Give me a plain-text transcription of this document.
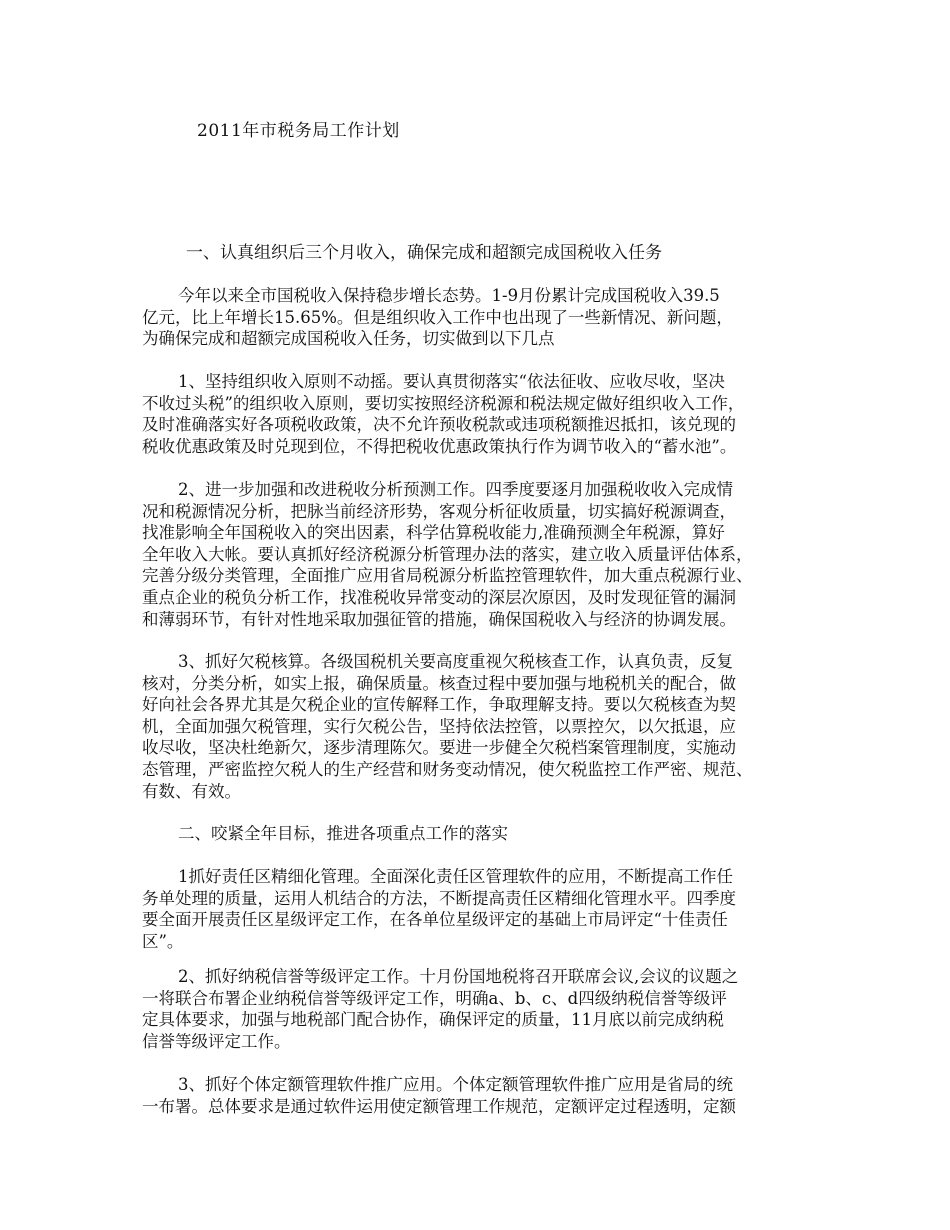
2011年市税务局工作计划
一、认真组织后三个月收入，确保完成和超额完成国税收入任务
今年以来全市国税收入保持稳步增长态势。1-9月份累计完成国税收入39.5
亿元，比上年增长15.65%。但是组织收入工作中也出现了一些新情况、新问题，
为确保完成和超额完成国税收入任务，切实做到以下几点
1、坚持组织收入原则不动摇。要认真贯彻落实“依法征收、应收尽收，坚决
不收过头税”的组织收入原则，要切实按照经济税源和税法规定做好组织收入工作，
及时准确落实好各项税收政策，决不允许预收税款或违项税额推迟抵扣，该兑现的
税收优惠政策及时兑现到位，不得把税收优惠政策执行作为调节收入的“蓄水池”。
2、进一步加强和改进税收分析预测工作。四季度要逐月加强税收收入完成情
况和税源情况分析，把脉当前经济形势，客观分析征收质量，切实搞好税源调查，
找准影响全年国税收入的突出因素，科学估算税收能力,准确预测全年税源，算好
全年收入大帐。要认真抓好经济税源分析管理办法的落实，建立收入质量评估体系，
完善分级分类管理，全面推广应用省局税源分析监控管理软件，加大重点税源行业、
重点企业的税负分析工作，找准税收异常变动的深层次原因，及时发现征管的漏洞
和薄弱环节，有针对性地采取加强征管的措施，确保国税收入与经济的协调发展。
3、抓好欠税核算。各级国税机关要高度重视欠税核查工作，认真负责，反复
核对，分类分析，如实上报，确保质量。核查过程中要加强与地税机关的配合，做
好向社会各界尤其是欠税企业的宣传解释工作，争取理解支持。要以欠税核查为契
机，全面加强欠税管理，实行欠税公告，坚持依法控管，以票控欠，以欠抵退，应
收尽收，坚决杜绝新欠，逐步清理陈欠。要进一步健全欠税档案管理制度，实施动
态管理，严密监控欠税人的生产经营和财务变动情况，使欠税监控工作严密、规范、
有数、有效。
二、咬紧全年目标，推进各项重点工作的落实
1抓好责任区精细化管理。全面深化责任区管理软件的应用，不断提高工作任
务单处理的质量，运用人机结合的方法，不断提高责任区精细化管理水平。四季度
要全面开展责任区星级评定工作，在各单位星级评定的基础上市局评定“十佳责任
区”。
2、抓好纳税信誉等级评定工作。十月份国地税将召开联席会议,会议的议题之
一将联合布署企业纳税信誉等级评定工作，明确a、b、c、d四级纳税信誉等级评
定具体要求，加强与地税部门配合协作，确保评定的质量，11月底以前完成纳税
信誉等级评定工作。
3、抓好个体定额管理软件推广应用。个体定额管理软件推广应用是省局的统
一布署。总体要求是通过软件运用使定额管理工作规范，定额评定过程透明，定额
